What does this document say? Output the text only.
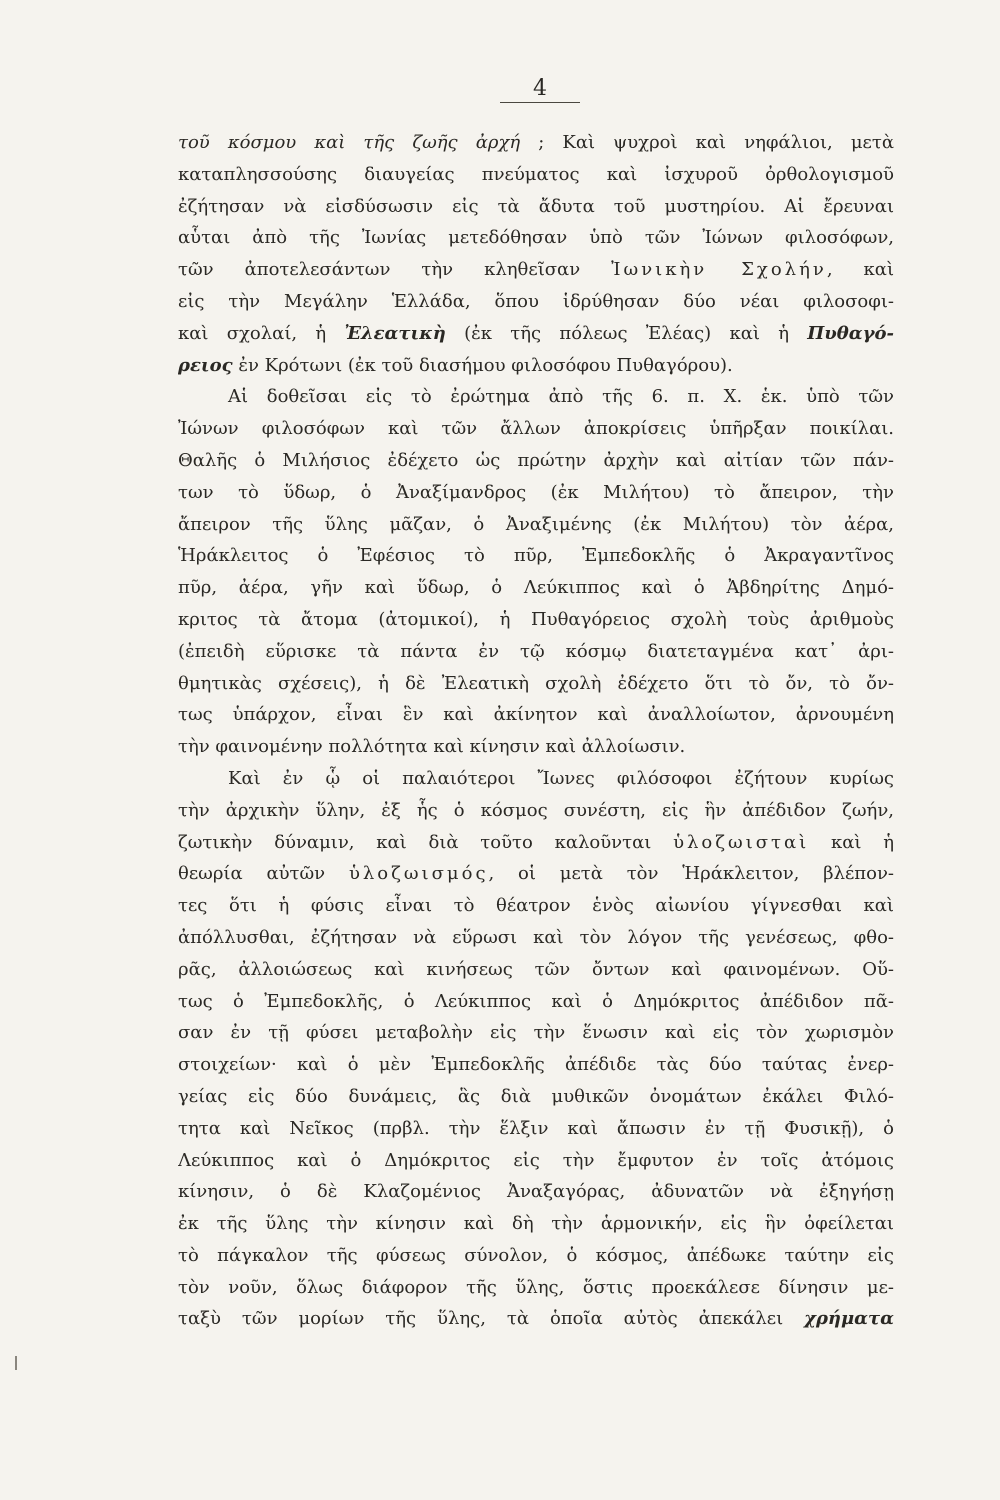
4
τοῦ κόσμου καὶ τῆς ζωῆς ἀρχή ; Καὶ ψυχροὶ καὶ νηφάλιοι, μετὰ
καταπλησσούσης διαυγείας πνεύματος καὶ ἰσχυροῦ ὀρθολογισμοῦ
ἐζήτησαν νὰ εἰσδύσωσιν εἰς τὰ ἄδυτα τοῦ μυστηρίου. Αἱ ἔρευναι
αὗται ἀπὸ τῆς Ἰωνίας μετεδόθησαν ὑπὸ τῶν Ἰώνων φιλοσόφων,
τῶν ἀποτελεσάντων τὴν κληθεῖσαν Ἰωνικὴν Σχολήν, καὶ
εἰς τὴν Μεγάλην Ἑλλάδα, ὅπου ἱδρύθησαν δύο νέαι φιλοσοφι-
καὶ σχολαί, ἡ Ἐλεατικὴ (ἐκ τῆς πόλεως Ἐλέας) καὶ ἡ Πυθαγό-
ρειος ἐν Κρότωνι (ἐκ τοῦ διασήμου φιλοσόφου Πυθαγόρου).
Αἱ δοθεῖσαι εἰς τὸ ἐρώτημα ἀπὸ τῆς 6. π. Χ. ἑκ. ὑπὸ τῶν
Ἰώνων φιλοσόφων καὶ τῶν ἄλλων ἀποκρίσεις ὑπῆρξαν ποικίλαι.
Θαλῆς ὁ Μιλήσιος ἐδέχετο ὡς πρώτην ἀρχὴν καὶ αἰτίαν τῶν πάν-
των τὸ ὕδωρ, ὁ Ἀναξίμανδρος (ἐκ Μιλήτου) τὸ ἄπειρον, τὴν
ἄπειρον τῆς ὕλης μᾶζαν, ὁ Ἀναξιμένης (ἐκ Μιλήτου) τὸν ἀέρα,
Ἡράκλειτος ὁ Ἐφέσιος τὸ πῦρ, Ἐμπεδοκλῆς ὁ Ἀκραγαντῖνος
πῦρ, ἀέρα, γῆν καὶ ὕδωρ, ὁ Λεύκιππος καὶ ὁ Ἀβδηρίτης Δημό-
κριτος τὰ ἄτομα (ἀτομικοί), ἡ Πυθαγόρειος σχολὴ τοὺς ἀριθμοὺς
(ἐπειδὴ εὕρισκε τὰ πάντα ἐν τῷ κόσμῳ διατεταγμένα κατ᾽ ἀρι-
θμητικὰς σχέσεις), ἡ δὲ Ἐλεατικὴ σχολὴ ἐδέχετο ὅτι τὸ ὄν, τὸ ὄν-
τως ὑπάρχον, εἶναι ἓν καὶ ἀκίνητον καὶ ἀναλλοίωτον, ἀρνουμένη
τὴν φαινομένην πολλότητα καὶ κίνησιν καὶ ἀλλοίωσιν.
Καὶ ἐν ᾧ οἱ παλαιότεροι Ἴωνες φιλόσοφοι ἐζήτουν κυρίως
τὴν ἀρχικὴν ὕλην, ἐξ ἧς ὁ κόσμος συνέστη, εἰς ἣν ἀπέδιδον ζωήν,
ζωτικὴν δύναμιν, καὶ διὰ τοῦτο καλοῦνται ὑλοζωισταὶ καὶ ἡ
θεωρία αὐτῶν ὑλοζωισμός, οἱ μετὰ τὸν Ἡράκλειτον, βλέπον-
τες ὅτι ἡ φύσις εἶναι τὸ θέατρον ἑνὸς αἰωνίου γίγνεσθαι καὶ
ἀπόλλυσθαι, ἐζήτησαν νὰ εὕρωσι καὶ τὸν λόγον τῆς γενέσεως, φθο-
ρᾶς, ἀλλοιώσεως καὶ κινήσεως τῶν ὄντων καὶ φαινομένων. Οὕ-
τως ὁ Ἐμπεδοκλῆς, ὁ Λεύκιππος καὶ ὁ Δημόκριτος ἀπέδιδον πᾶ-
σαν ἐν τῇ φύσει μεταβολὴν εἰς τὴν ἕνωσιν καὶ εἰς τὸν χωρισμὸν
στοιχείων· καὶ ὁ μὲν Ἐμπεδοκλῆς ἀπέδιδε τὰς δύο ταύτας ἐνερ-
γείας εἰς δύο δυνάμεις, ἃς διὰ μυθικῶν ὀνομάτων ἐκάλει Φιλό-
τητα καὶ Νεῖκος (πρβλ. τὴν ἕλξιν καὶ ἄπωσιν ἐν τῇ Φυσικῇ), ὁ
Λεύκιππος καὶ ὁ Δημόκριτος εἰς τὴν ἔμφυτον ἐν τοῖς ἀτόμοις
κίνησιν, ὁ δὲ Κλαζομένιος Ἀναξαγόρας, ἀδυνατῶν νὰ ἐξηγήσῃ
ἐκ τῆς ὕλης τὴν κίνησιν καὶ δὴ τὴν ἁρμονικήν, εἰς ἣν ὀφείλεται
τὸ πάγκαλον τῆς φύσεως σύνολον, ὁ κόσμος, ἀπέδωκε ταύτην εἰς
τὸν νοῦν, ὅλως διάφορον τῆς ὕλης, ὅστις προεκάλεσε δίνησιν με-
ταξὺ τῶν μορίων τῆς ὕλης, τὰ ὁποῖα αὐτὸς ἀπεκάλει χρήματα
